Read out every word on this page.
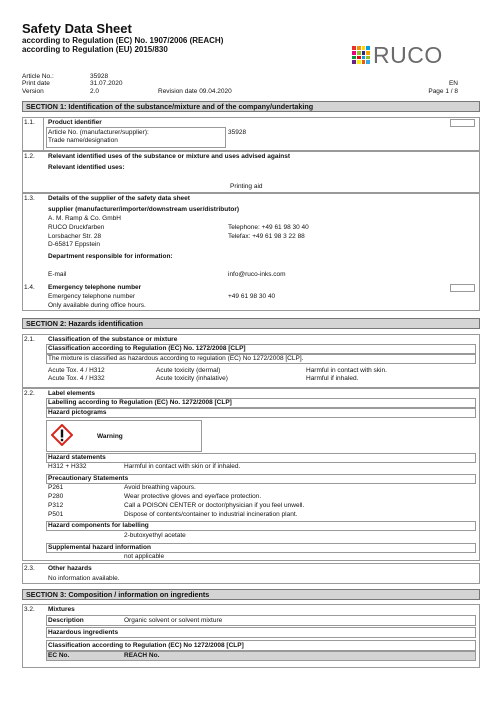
Safety Data Sheet
according to Regulation (EC) No. 1907/2006 (REACH)
according to Regulation (EU) 2015/830	RUCO
Article No.:	35928
Print date	31.07.2020	EN
Version	2.0	Revision date 09.04.2020	Page 1 / 8
SECTION 1: Identification of the substance/mixture and of the company/undertaking
1.1. Product identifier
Article No. (manufacturer/supplier):	35928
Trade name/designation
1.2. Relevant identified uses of the substance or mixture and uses advised against
Relevant identified uses:
Printing aid
1.3. Details of the supplier of the safety data sheet
supplier (manufacturer/importer/downstream user/distributor)
A. M. Ramp & Co. GmbH
RUCO Druckfarben
Lorsbacher Str. 28
D-65817 Eppstein
Telephone: +49 61 98 30 40
Telefax: +49 61 98 3 22 88
Department responsible for information:
E-mail	info@ruco-inks.com
1.4. Emergency telephone number
Emergency telephone number	+49 61 98 30 40
Only available during office hours.
SECTION 2: Hazards identification
2.1. Classification of the substance or mixture
Classification according to Regulation (EC) No. 1272/2008 [CLP]
The mixture is classified as hazardous according to regulation (EC) No 1272/2008 [CLP].
Acute Tox. 4 / H312	Acute toxicity (dermal)	Harmful in contact with skin.
Acute Tox. 4 / H332	Acute toxicity (inhalative)	Harmful if inhaled.
2.2. Label elements
Labelling according to Regulation (EC) No. 1272/2008 [CLP]
Hazard pictograms
Warning
Hazard statements
H312 + H332	Harmful in contact with skin or if inhaled.
Precautionary Statements
P261	Avoid breathing vapours.
P280	Wear protective gloves and eye/face protection.
P312	Call a POISON CENTER or doctor/physician if you feel unwell.
P501	Dispose of contents/container to industrial incineration plant.
Hazard components for labelling
2-butoxyethyl acetate
Supplemental hazard information
not applicable
2.3. Other hazards
No information available.
SECTION 3: Composition / information on ingredients
3.2. Mixtures
Description	Organic solvent or solvent mixture
Hazardous ingredients
Classification according to Regulation (EC) No 1272/2008 [CLP]
EC No.	REACH No.
